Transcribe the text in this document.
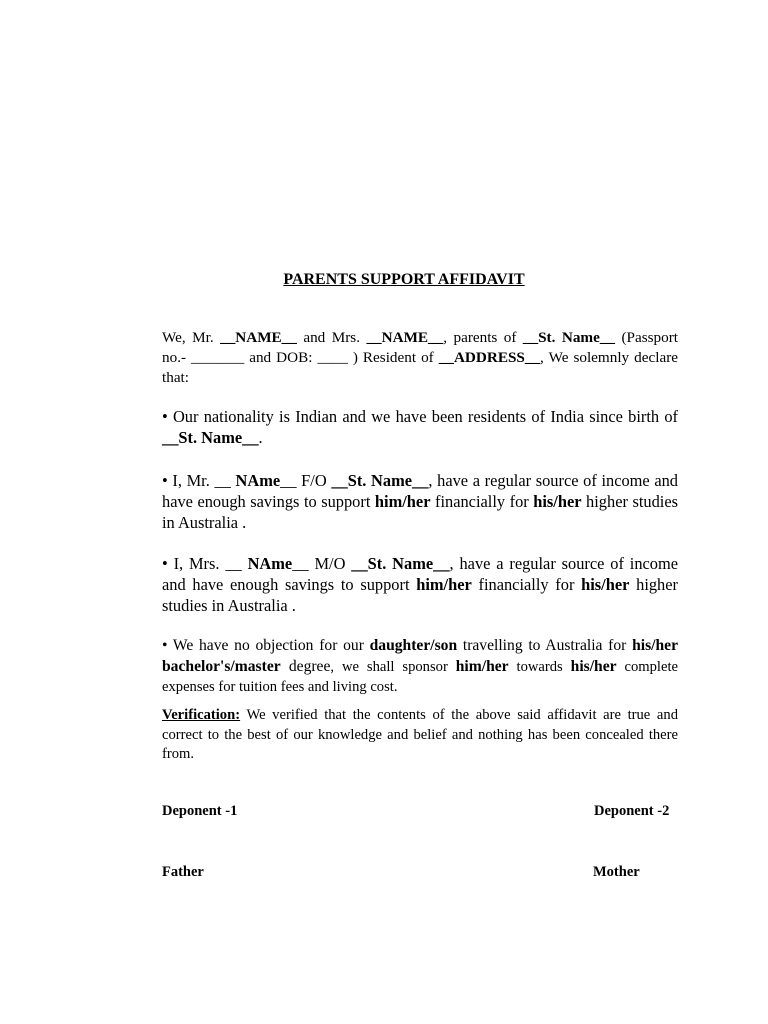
PARENTS SUPPORT AFFIDAVIT
We, Mr. __NAME__ and Mrs. __NAME__, parents of __St. Name__ (Passport no.- _______ and DOB: ____ ) Resident of __ADDRESS__, We solemnly declare that:
• Our nationality is Indian and we have been residents of India since birth of __St. Name__.
• I, Mr. __ NAme__ F/O __St. Name__, have a regular source of income and have enough savings to support him/her financially for his/her higher studies in Australia .
• I, Mrs. __ NAme__ M/O __St. Name__, have a regular source of income and have enough savings to support him/her financially for his/her higher studies in Australia .
• We have no objection for our daughter/son travelling to Australia for his/her bachelor's/master degree, we shall sponsor him/her towards his/her complete expenses for tuition fees and living cost.
Verification: We verified that the contents of the above said affidavit are true and correct to the best of our knowledge and belief and nothing has been concealed there from.
Deponent -1	Deponent -2
Father	Mother
